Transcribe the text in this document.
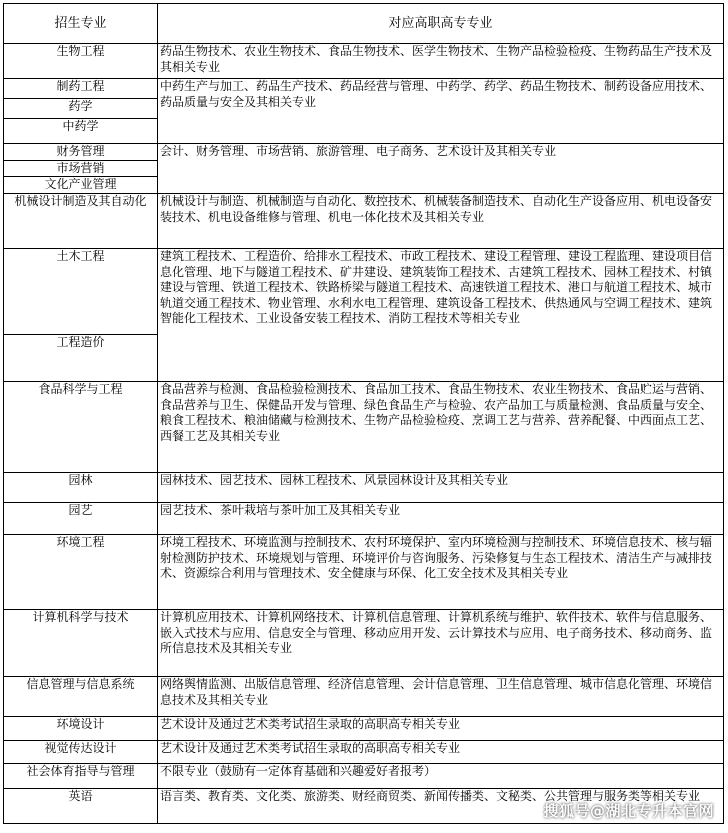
招生专业	对应高职高专专业
生物工程	药品生物技术、农业生物技术、食品生物技术、医学生物技术、生物产品检验检疫、生物药品生产技术及其相关专业
制药工程	中药生产与加工、药品生产技术、药品经营与管理、中药学、药学、药品生物技术、制药设备应用技术、药品质量与安全及其相关专业
药学	
中药学	
财务管理	会计、财务管理、市场营销、旅游管理、电子商务、艺术设计及其相关专业
市场营销	
文化产业管理	
机械设计制造及其自动化	机械设计与制造、机械制造与自动化、数控技术、机械装备制造技术、自动化生产设备应用、机电设备安装技术、机电设备维修与管理、机电一体化技术及其相关专业
土木工程	建筑工程技术、工程造价、给排水工程技术、市政工程技术、建设工程管理、建设工程监理、建设项目信息化管理、地下与隧道工程技术、矿井建设、建筑装饰工程技术、古建筑工程技术、园林工程技术、村镇建设与管理、铁道工程技术、铁路桥梁与隧道工程技术、高速铁道工程技术、港口与航道工程技术、城市轨道交通工程技术、物业管理、水利水电工程管理、建筑设备工程技术、供热通风与空调工程技术、建筑智能化工程技术、工业设备安装工程技术、消防工程技术等相关专业
工程造价	
食品科学与工程	食品营养与检测、食品检验检测技术、食品加工技术、食品生物技术、农业生物技术、食品贮运与营销、食品营养与卫生、保健品开发与管理、绿色食品生产与检验、农产品加工与质量检测、食品质量与安全、粮食工程技术、粮油储藏与检测技术、生物产品检验检疫、烹调工艺与营养、营养配餐、中西面点工艺、西餐工艺及其相关专业
园林	园林技术、园艺技术、园林工程技术、风景园林设计及其相关专业
园艺	园艺技术、茶叶栽培与茶叶加工及其相关专业
环境工程	环境工程技术、环境监测与控制技术、农村环境保护、室内环境检测与控制技术、环境信息技术、核与辐射检测防护技术、环境规划与管理、环境评价与咨询服务、污染修复与生态工程技术、清洁生产与减排技术、资源综合利用与管理技术、安全健康与环保、化工安全技术及其相关专业
计算机科学与技术	计算机应用技术、计算机网络技术、计算机信息管理、计算机系统与维护、软件技术、软件与信息服务、嵌入式技术与应用、信息安全与管理、移动应用开发、云计算技术与应用、电子商务技术、移动商务、监所信息技术及其相关专业
信息管理与信息系统	网络舆情监测、出版信息管理、经济信息管理、会计信息管理、卫生信息管理、城市信息化管理、环境信息技术及其相关专业
环境设计	艺术设计及通过艺术类考试招生录取的高职高专相关专业
视觉传达设计	艺术设计及通过艺术类考试招生录取的高职高专相关专业
社会体育指导与管理	不限专业（鼓励有一定体育基础和兴趣爱好者报考）
英语	语言类、教育类、文化类、旅游类、财经商贸类、新闻传播类、文秘类、公共管理与服务类等相关专业
搜狐号@湖北专升本官网
